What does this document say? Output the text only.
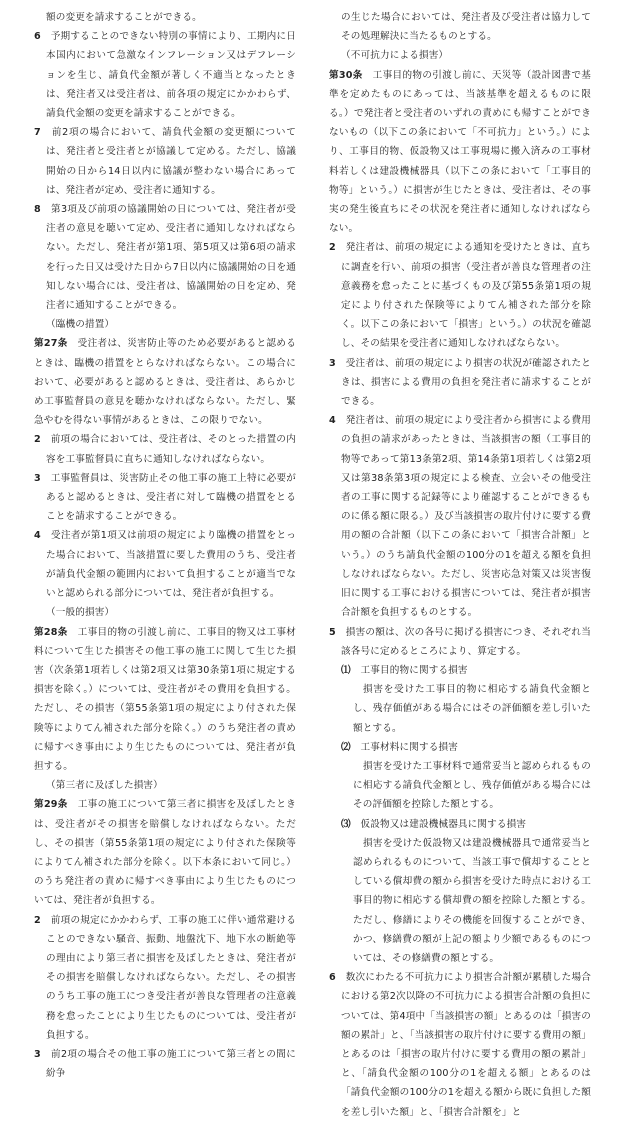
額の変更を請求することができる。

6　 予期することのできない特別の事情により、工期内に日本国内において急激なインフレーション又はデフレーションを生じ、請負代金額が著しく不適当となったときは、発注者又は受注者は、前各項の規定にかかわらず、請負代金額の変更を請求することができる。

7　 前2項の場合において、請負代金額の変更額については、発注者と受注者とが協議して定める。ただし、協議開始の日から14日以内に協議が整わない場合にあっては、発注者が定め、受注者に通知する。

8　 第3項及び前項の協議開始の日については、発注者が受注者の意見を聴いて定め、受注者に通知しなければならない。ただし、発注者が第1項、第5項又は第6項の請求を行った日又は受けた日から7日以内に協議開始の日を通知しない場合には、受注者は、協議開始の日を定め、発注者に通知することができる。

（臨機の措置）

第27条　 受注者は、災害防止等のため必要があると認めるときは、臨機の措置をとらなければならない。この場合において、必要があると認めるときは、受注者は、あらかじめ工事監督員の意見を聴かなければならない。ただし、緊急やむを得ない事情があるときは、この限りでない。

2　 前項の場合においては、受注者は、そのとった措置の内容を工事監督員に直ちに通知しなければならない。

3　 工事監督員は、災害防止その他工事の施工上特に必要があると認めるときは、受注者に対して臨機の措置をとることを請求することができる。

4　 受注者が第1項又は前項の規定により臨機の措置をとった場合において、当該措置に要した費用のうち、受注者が請負代金額の範囲内において負担することが適当でないと認められる部分については、発注者が負担する。

（一般的損害）

第28条　 工事目的物の引渡し前に、工事目的物又は工事材料について生じた損害その他工事の施工に関して生じた損害（次条第1項若しくは第2項又は第30条第1項に規定する損害を除く。）については、受注者がその費用を負担する。ただし、その損害（第55条第1項の規定により付された保険等によりてん補された部分を除く。）のうち発注者の責めに帰すべき事由により生じたものについては、発注者が負担する。

（第三者に及ぼした損害）

第29条　 工事の施工について第三者に損害を及ぼしたときは、受注者がその損害を賠償しなければならない。ただし、その損害（第55条第1項の規定により付された保険等によりてん補された部分を除く。以下本条において同じ。）のうち発注者の責めに帰すべき事由により生じたものについては、発注者が負担する。

2　 前項の規定にかかわらず、工事の施工に伴い通常避けることのできない騒音、振動、地盤沈下、地下水の断絶等の理由により第三者に損害を及ぼしたときは、発注者がその損害を賠償しなければならない。ただし、その損害のうち工事の施工につき受注者が善良な管理者の注意義務を怠ったことにより生じたものについては、受注者が負担する。

3　 前2項の場合その他工事の施工について第三者との間に紛争

の生じた場合においては、発注者及び受注者は協力してその処理解決に当たるものとする。

（不可抗力による損害）

第30条　 工事目的物の引渡し前に、天災等（設計図書で基準を定めたものにあっては、当該基準を超えるものに限る。）で発注者と受注者のいずれの責めにも帰すことができないもの（以下この条において「不可抗力」という。）により、工事目的物、仮設物又は工事現場に搬入済みの工事材料若しくは建設機械器具（以下この条において「工事目的物等」という。）に損害が生じたときは、受注者は、その事実の発生後直ちにその状況を発注者に通知しなければならない。

2　 発注者は、前項の規定による通知を受けたときは、直ちに調査を行い、前項の損害（受注者が善良な管理者の注意義務を怠ったことに基づくもの及び第55条第1項の規定により付された保険等によりてん補された部分を除く。以下この条において「損害」という。）の状況を確認し、その結果を受注者に通知しなければならない。

3　 受注者は、前項の規定により損害の状況が確認されたときは、損害による費用の負担を発注者に請求することができる。

4　 発注者は、前項の規定により受注者から損害による費用の負担の請求があったときは、当該損害の額（工事目的物等であって第13条第2項、第14条第1項若しくは第2項又は第38条第3項の規定による検査、立会いその他受注者の工事に関する記録等により確認することができるものに係る額に限る。）及び当該損害の取片付けに要する費用の額の合計額（以下この条において「損害合計額」という。）のうち請負代金額の100分の1を超える額を負担しなければならない。ただし、災害応急対策又は災害復旧に関する工事における損害については、発注者が損害合計額を負担するものとする。

5　 損害の額は、次の各号に掲げる損害につき、それぞれ当該各号に定めるところにより、算定する。

⑴　 工事目的物に関する損害

損害を受けた工事目的物に相応する請負代金額とし、残存価値がある場合にはその評価額を差し引いた額とする。

⑵　 工事材料に関する損害

損害を受けた工事材料で通常妥当と認められるものに相応する請負代金額とし、残存価値がある場合にはその評価額を控除した額とする。

⑶　 仮設物又は建設機械器具に関する損害

損害を受けた仮設物又は建設機械器具で通常妥当と認められるものについて、当該工事で償却することとしている償却費の額から損害を受けた時点における工事目的物に相応する償却費の額を控除した額とする。ただし、修繕によりその機能を回復することができ、かつ、修繕費の額が上記の額より少額であるものについては、その修繕費の額とする。

6　 数次にわたる不可抗力により損害合計額が累積した場合における第2次以降の不可抗力による損害合計額の負担については、第4項中「当該損害の額」とあるのは「損害の額の累計」と、「当該損害の取片付けに要する費用の額」とあるのは「損害の取片付けに要する費用の額の累計」と、「請負代金額の100分の1を超える額」とあるのは「請負代金額の100分の1を超える額から既に負担した額を差し引いた額」と、「損害合計額を」と
